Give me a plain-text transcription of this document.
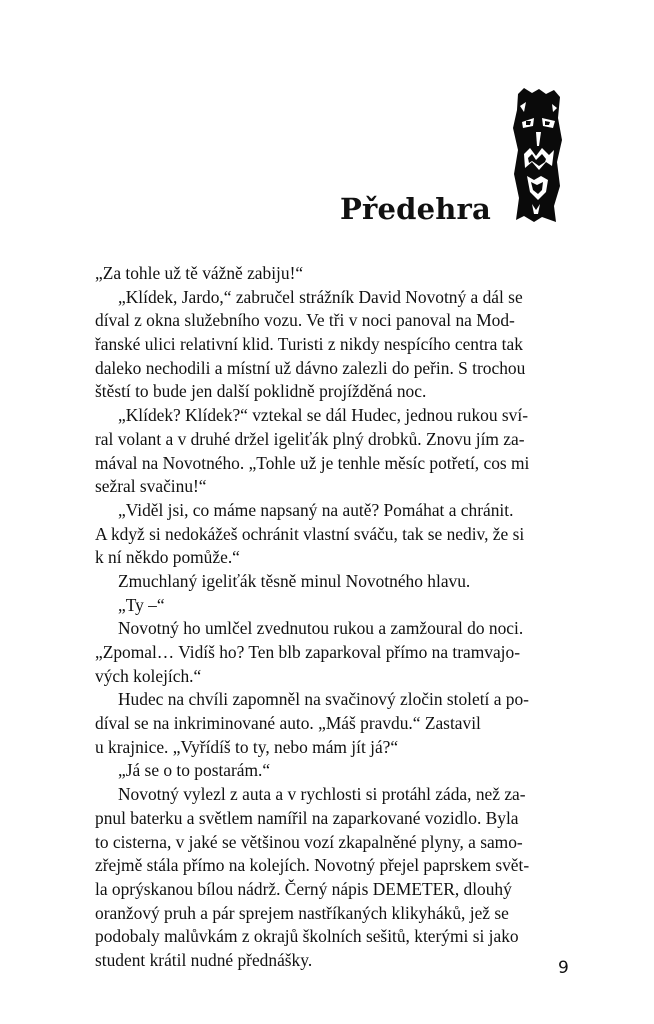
Předehra
„Za tohle už tě vážně zabiju!“
„Klídek, Jardo,“ zabručel strážník David Novotný a dál se
díval z okna služebního vozu. Ve tři v noci panoval na Mod-
řanské ulici relativní klid. Turisti z nikdy nespícího centra tak
daleko nechodili a místní už dávno zalezli do peřin. S trochou
štěstí to bude jen další poklidně projížděná noc.
„Klídek? Klídek?“ vztekal se dál Hudec, jednou rukou sví-
ral volant a v druhé držel igeliťák plný drobků. Znovu jím za-
mával na Novotného. „Tohle už je tenhle měsíc potřetí, cos mi
sežral svačinu!“
„Viděl jsi, co máme napsaný na autě? Pomáhat a chránit.
A když si nedokážeš ochránit vlastní sváču, tak se nediv, že si
k ní někdo pomůže.“
Zmuchlaný igeliťák těsně minul Novotného hlavu.
„Ty –“
Novotný ho umlčel zvednutou rukou a zamžoural do noci.
„Zpomal… Vidíš ho? Ten blb zaparkoval přímo na tramvajo-
vých kolejích.“
Hudec na chvíli zapomněl na svačinový zločin století a po-
díval se na inkriminované auto. „Máš pravdu.“ Zastavil
u krajnice. „Vyřídíš to ty, nebo mám jít já?“
„Já se o to postarám.“
Novotný vylezl z auta a v rychlosti si protáhl záda, než za-
pnul baterku a světlem namířil na zaparkované vozidlo. Byla
to cisterna, v jaké se většinou vozí zkapalněné plyny, a samo-
zřejmě stála přímo na kolejích. Novotný přejel paprskem svět-
la oprýskanou bílou nádrž. Černý nápis DEMETER, dlouhý
oranžový pruh a pár sprejem nastříkaných klikyháků, jež se
podobaly malůvkám z okrajů školních sešitů, kterými si jako
student krátil nudné přednášky.	9
